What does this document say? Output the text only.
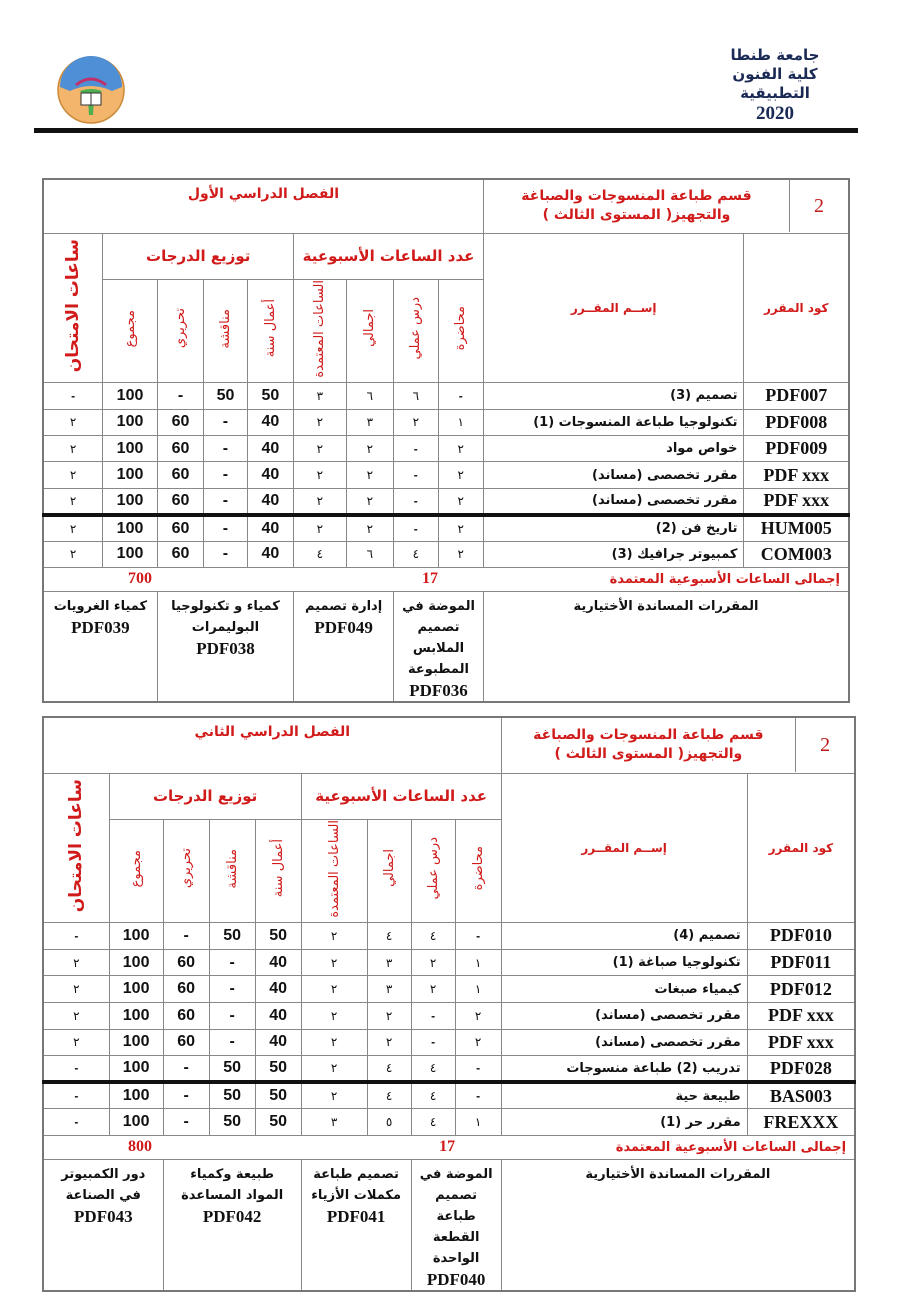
جامعة طنطا
كلية الفنون التطبيقية
2020
2
قسم طباعة المنسوجات والصباغة والتجهيز( المستوى الثالث )		الفصل الدراسي الأول								
كود المقرر	إســم المقــرر	عدد الساعات الأسبوعية				توزيع الدرجات				ساعات الامتحان
		محاضرة	درس عملي	اجمالي	الساعات المعتمدة	أعمال سنة	مناقشة	تحريري	مجموع	
PDF007	تصميم (3)	-	٦	٦	٣	50	50	-	100	-
PDF008	تكنولوجيا طباعة المنسوجات (1)	١	٢	٣	٢	40	-	60	100	٢
PDF009	خواص مواد	٢	-	٢	٢	40	-	60	100	٢
PDF xxx	مقرر تخصصى (مساند)	٢	-	٢	٢	40	-	60	100	٢
PDF xxx	مقرر تخصصى (مساند)	٢	-	٢	٢	40	-	60	100	٢
HUM005	تاريخ فن (2)	٢	-	٢	٢	40	-	60	100	٢
COM003	كمبيوتر جرافيك (3)	٢	٤	٦	٤	40	-	60	100	٢
إجمالى الساعات الأسبوعية المعتمدة			17				700			
المقررات المساندة الأختيارية	
الموضة في تصميم الملابس المطبوعة
PDF036

إدارة تصميم
PDF049

كمياء و تكنولوجيا البوليمرات
PDF038

كمياء الغرويات
PDF039
2
قسم طباعة المنسوجات والصباغة والتجهيز( المستوى الثالث )		الفصل الدراسي الثاني								
كود المقرر	إســم المقــرر	عدد الساعات الأسبوعية				توزيع الدرجات				ساعات الامتحان
		محاضرة	درس عملي	اجمالي	الساعات المعتمدة	أعمال سنة	مناقشة	تحريري	مجموع	
PDF010	تصميم (4)	-	٤	٤	٢	50	50	-	100	-
PDF011	تكنولوجيا صباغة (1)	١	٢	٣	٢	40	-	60	100	٢
PDF012	كيمياء صبغات	١	٢	٣	٢	40	-	60	100	٢
PDF xxx	مقرر تخصصى (مساند)	٢	-	٢	٢	40	-	60	100	٢
PDF xxx	مقرر تخصصى (مساند)	٢	-	٢	٢	40	-	60	100	٢
PDF028	تدريب (2) طباعة منسوجات	-	٤	٤	٢	50	50	-	100	-
BAS003	طبيعة حية	-	٤	٤	٢	50	50	-	100	-
FREXXX	مقرر حر (1)	١	٤	٥	٣	50	50	-	100	-
إجمالى الساعات الأسبوعية المعتمدة			17				800			
المقررات المساندة الأختيارية	
الموضة في تصميم طباعة القطعة الواحدة
PDF040

تصميم طباعة مكملات الأزياء
PDF041

طبيعة وكمياء المواد المساعدة
PDF042

دور الكمبيوتر في الصناعة
PDF043
